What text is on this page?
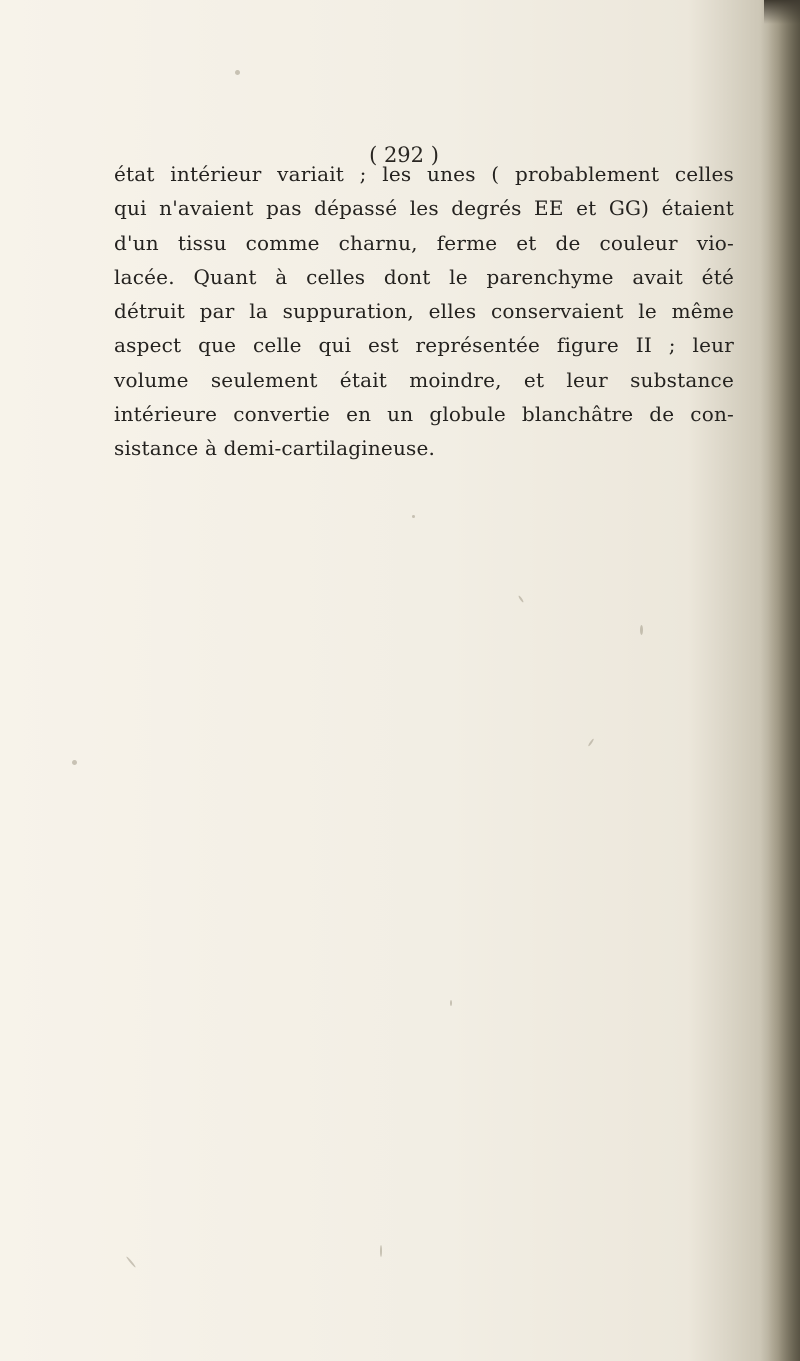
( 292 )
état intérieur variait ; les unes ( probablement celles
qui n'avaient pas dépassé les degrés EE et GG) étaient
d'un tissu comme charnu, ferme et de couleur vio-
lacée. Quant à celles dont le parenchyme avait été
détruit par la suppuration, elles conservaient le même
aspect que celle qui est représentée figure II ; leur
volume seulement était moindre, et leur substance
intérieure convertie en un globule blanchâtre de con-
sistance à demi-cartilagineuse.
